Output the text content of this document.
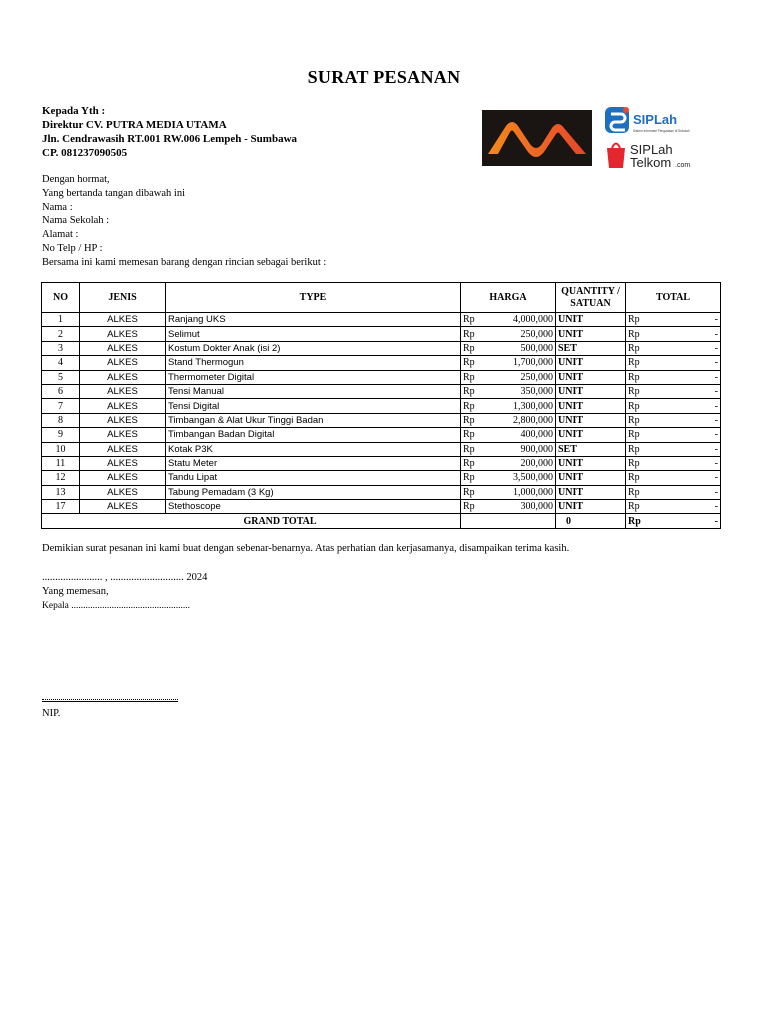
SURAT PESANAN
Kepada Yth :
Direktur CV. PUTRA MEDIA UTAMA
Jln. Cendrawasih RT.001 RW.006 Lempeh - Sumbawa
CP. 081237090505
SIPLah
Sistem Informasi Pengadaan di Sekolah
SIPLah
Telkom .com
Dengan hormat,
Yang bertanda tangan dibawah ini
Nama :
Nama Sekolah :
Alamat :
No Telp / HP :
Bersama ini kami memesan barang dengan rincian sebagai berikut :
NO	JENIS	TYPE	HARGA	QUANTITY / SATUAN	TOTAL
1	ALKES	Ranjang UKS	Rp 4,000,000	UNIT	Rp -

2	ALKES	Selimut	Rp 250,000	UNIT	Rp -

3	ALKES	Kostum Dokter Anak (isi 2)	Rp 500,000	SET	Rp -

4	ALKES	Stand Thermogun	Rp 1,700,000	UNIT	Rp -

5	ALKES	Thermometer Digital	Rp 250,000	UNIT	Rp -

6	ALKES	Tensi Manual	Rp 350,000	UNIT	Rp -

7	ALKES	Tensi Digital	Rp 1,300,000	UNIT	Rp -

8	ALKES	Timbangan & Alat Ukur Tinggi Badan	Rp 2,800,000	UNIT	Rp -

9	ALKES	Timbangan Badan Digital	Rp 400,000	UNIT	Rp -

10	ALKES	Kotak P3K	Rp 900,000	SET	Rp -

11	ALKES	Statu Meter	Rp 200,000	UNIT	Rp -

12	ALKES	Tandu Lipat	Rp 3,500,000	UNIT	Rp -

13	ALKES	Tabung Pemadam (3 Kg)	Rp 1,000,000	UNIT	Rp -

17	ALKES	Stethoscope	Rp 300,000	UNIT	Rp -

GRAND TOTAL				0	Rp -
Demikian surat pesanan ini kami buat dengan sebenar-benarnya. Atas perhatian dan kerjasamanya, disampaikan terima kasih.
....................... , ............................ 2024
Yang memesan,
Kepala ..................................................
NIP.
